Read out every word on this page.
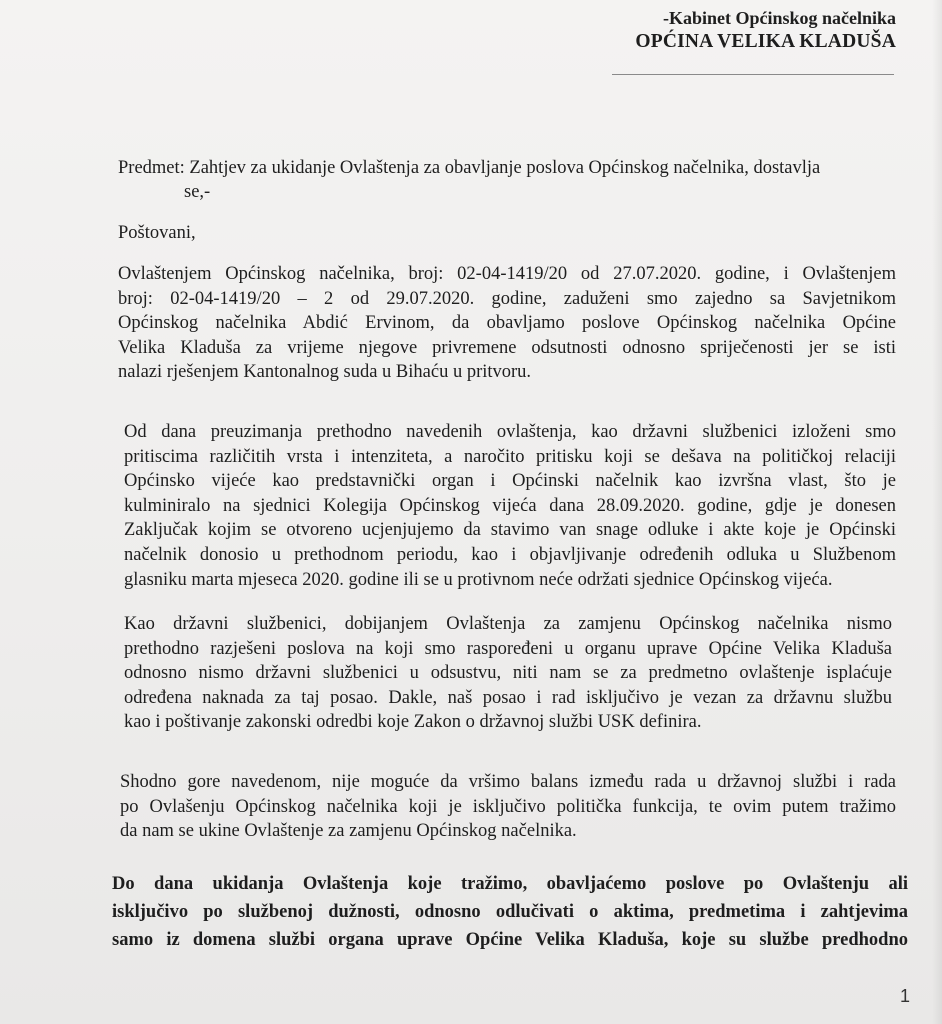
-Kabinet Općinskog načelnika
OPĆINA VELIKA KLADUŠA
Predmet: Zahtjev za ukidanje Ovlaštenja za obavljanje poslova Općinskog načelnika, dostavlja
se,-
Poštovani,
Ovlaštenjem Općinskog načelnika, broj: 02-04-1419/20 od 27.07.2020. godine, i Ovlaštenjem
broj: 02-04-1419/20 – 2 od 29.07.2020. godine, zaduženi smo zajedno sa Savjetnikom
Općinskog načelnika Abdić Ervinom, da obavljamo poslove Općinskog načelnika Općine
Velika Kladuša za vrijeme njegove privremene odsutnosti odnosno spriječenosti jer se isti
nalazi rješenjem Kantonalnog suda u Bihaću u pritvoru.
Od dana preuzimanja prethodno navedenih ovlaštenja, kao državni službenici izloženi smo
pritiscima različitih vrsta i intenziteta, a naročito pritisku koji se dešava na političkoj relaciji
Općinsko vijeće kao predstavnički organ i Općinski načelnik kao izvršna vlast, što je
kulminiralo na sjednici Kolegija Općinskog vijeća dana 28.09.2020. godine, gdje je donesen
Zaključak kojim se otvoreno ucjenjujemo da stavimo van snage odluke i akte koje je Općinski
načelnik donosio u prethodnom periodu, kao i objavljivanje određenih odluka u Službenom
glasniku marta mjeseca 2020. godine ili se u protivnom neće održati sjednice Općinskog vijeća.
Kao državni službenici, dobijanjem Ovlaštenja za zamjenu Općinskog načelnika nismo
prethodno razješeni poslova na koji smo raspoređeni u organu uprave Općine Velika Kladuša
odnosno nismo državni službenici u odsustvu, niti nam se za predmetno ovlaštenje isplaćuje
određena naknada za taj posao. Dakle, naš posao i rad isključivo je vezan za državnu službu
kao i poštivanje zakonski odredbi koje Zakon o državnoj službi USK definira.
Shodno gore navedenom, nije moguće da vršimo balans između rada u državnoj službi i rada
po Ovlašenju Općinskog načelnika koji je isključivo politička funkcija, te ovim putem tražimo
da nam se ukine Ovlaštenje za zamjenu Općinskog načelnika.
Do dana ukidanja Ovlaštenja koje tražimo, obavljaćemo poslove po Ovlaštenju ali
isključivo po službenoj dužnosti, odnosno odlučivati o aktima, predmetima i zahtjevima
samo iz domena službi organa uprave Općine Velika Kladuša, koje su službe predhodno
1
